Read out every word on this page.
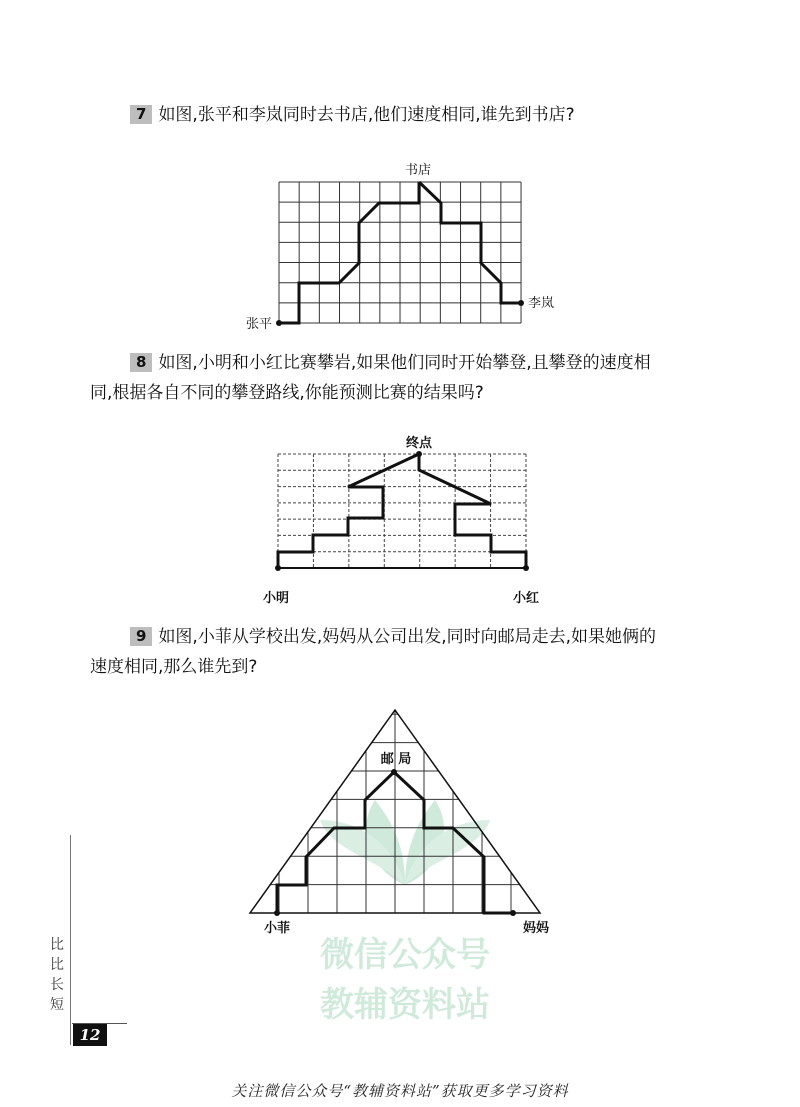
7 如图,张平和李岚同时去书店,他们速度相同,谁先到书店?
书店
张平
李岚
8 如图,小明和小红比赛攀岩,如果他们同时开始攀登,且攀登的速度相
同,根据各自不同的攀登路线,你能预测比赛的结果吗?
终点
小明	小红
9 如图,小菲从学校出发,妈妈从公司出发,同时向邮局走去,如果她俩的
速度相同,那么谁先到?
邮 局
小菲	妈妈
微信公众号
教辅资料站
比
比
长
短
12
关注微信公众号“教辅资料站”获取更多学习资料
